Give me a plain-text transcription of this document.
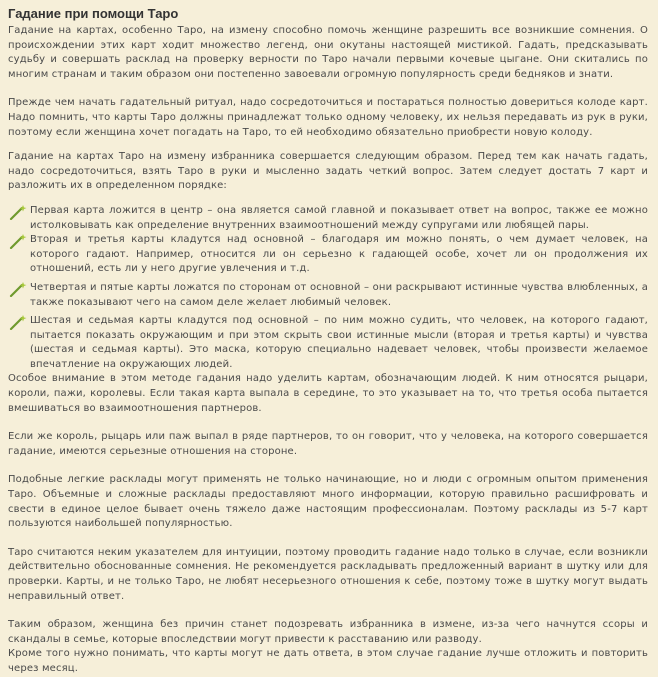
Гадание при помощи Таро

Гадание на картах, особенно Таро, на измену способно помочь женщине разрешить все возникшие сомнения. О происхождении этих карт ходит множество легенд, они окутаны настоящей мистикой. Гадать, предсказывать судьбу и совершать расклад на проверку верности по Таро начали первыми кочевые цыгане. Они скитались по многим странам и таким образом они постепенно завоевали огромную популярность среди бедняков и знати.

Прежде чем начать гадательный ритуал, надо сосредоточиться и постараться полностью довериться колоде карт. Надо помнить, что карты Таро должны принадлежат только одному человеку, их нельзя передавать из рук в руки, поэтому если женщина хочет погадать на Таро, то ей необходимо обязательно приобрести новую колоду.

Гадание на картах Таро на измену избранника совершается следующим образом. Перед тем как начать гадать, надо сосредоточиться, взять Таро в руки и мысленно задать четкий вопрос. Затем следует достать 7 карт и разложить их в определенном порядке:

Первая карта ложится в центр – она является самой главной и показывает ответ на вопрос, также ее можно истолковывать как определение внутренних взаимоотношений между супругами или любящей пары.

Вторая и третья карты кладутся над основной – благодаря им можно понять, о чем думает человек, на которого гадают. Например, относится ли он серьезно к гадающей особе, хочет ли он продолжения их отношений, есть ли у него другие увлечения и т.д.

Четвертая и пятые карты ложатся по сторонам от основной – они раскрывают истинные чувства влюбленных, а также показывают чего на самом деле желает любимый человек.

Шестая и седьмая карты кладутся под основной – по ним можно судить, что человек, на которого гадают, пытается показать окружающим и при этом скрыть свои истинные мысли (вторая и третья карты) и чувства (шестая и седьмая карты). Это маска, которую специально надевает человек, чтобы произвести желаемое впечатление на окружающих людей.

Особое внимание в этом методе гадания надо уделить картам, обозначающим людей. К ним относятся рыцари, короли, пажи, королевы. Если такая карта выпала в середине, то это указывает на то, что третья особа пытается вмешиваться во взаимоотношения партнеров.

Если же король, рыцарь или паж выпал в ряде партнеров, то он говорит, что у человека, на которого совершается гадание, имеются серьезные отношения на стороне.

Подобные легкие расклады могут применять не только начинающие, но и люди с огромным опытом применения Таро. Объемные и сложные расклады предоставляют много информации, которую правильно расшифровать и свести в единое целое бывает очень тяжело даже настоящим профессионалам. Поэтому расклады из 5-7 карт пользуются наибольшей популярностью.

Таро считаются неким указателем для интуиции, поэтому проводить гадание надо только в случае, если возникли действительно обоснованные сомнения. Не рекомендуется раскладывать предложенный вариант в шутку или для проверки. Карты, и не только Таро, не любят несерьезного отношения к себе, поэтому тоже в шутку могут выдать неправильный ответ.

Таким образом, женщина без причин станет подозревать избранника в измене, из-за чего начнутся ссоры и скандалы в семье, которые впоследствии могут привести к расставанию или разводу.

Кроме того нужно понимать, что карты могут не дать ответа, в этом случае гадание лучше отложить и повторить через месяц.
